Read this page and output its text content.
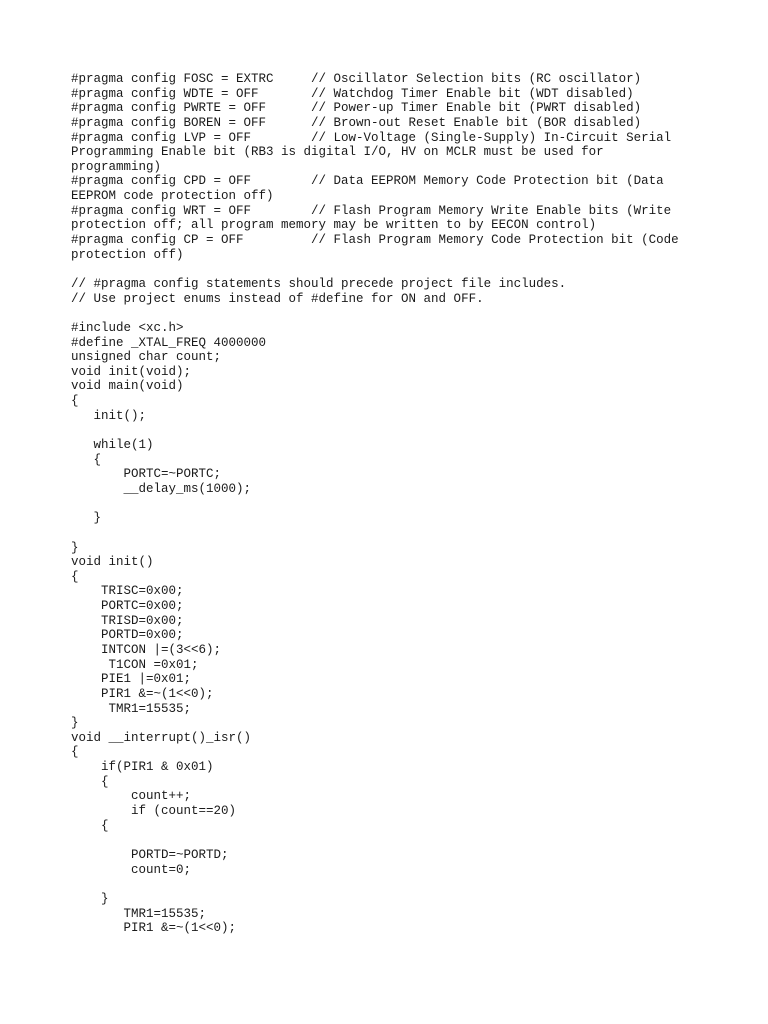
#pragma config FOSC = EXTRC     // Oscillator Selection bits (RC oscillator)
#pragma config WDTE = OFF       // Watchdog Timer Enable bit (WDT disabled)
#pragma config PWRTE = OFF      // Power-up Timer Enable bit (PWRT disabled)
#pragma config BOREN = OFF      // Brown-out Reset Enable bit (BOR disabled)
#pragma config LVP = OFF        // Low-Voltage (Single-Supply) In-Circuit Serial
Programming Enable bit (RB3 is digital I/O, HV on MCLR must be used for
programming)
#pragma config CPD = OFF        // Data EEPROM Memory Code Protection bit (Data
EEPROM code protection off)
#pragma config WRT = OFF        // Flash Program Memory Write Enable bits (Write
protection off; all program memory may be written to by EECON control)
#pragma config CP = OFF         // Flash Program Memory Code Protection bit (Code
protection off)

// #pragma config statements should precede project file includes.
// Use project enums instead of #define for ON and OFF.

#include <xc.h>
#define _XTAL_FREQ 4000000
unsigned char count;
void init(void);
void main(void)
{
init();

while(1)
{
PORTC=~PORTC;
__delay_ms(1000);

}

}
void init()
{
TRISC=0x00;
PORTC=0x00;
TRISD=0x00;
PORTD=0x00;
INTCON |=(3<<6);
T1CON =0x01;
PIE1 |=0x01;
PIR1 &=~(1<<0);
TMR1=15535;
}
void __interrupt()_isr()
{
if(PIR1 & 0x01)
{
count++;
if (count==20)
{

PORTD=~PORTD;
count=0;

}
TMR1=15535;
PIR1 &=~(1<<0);
